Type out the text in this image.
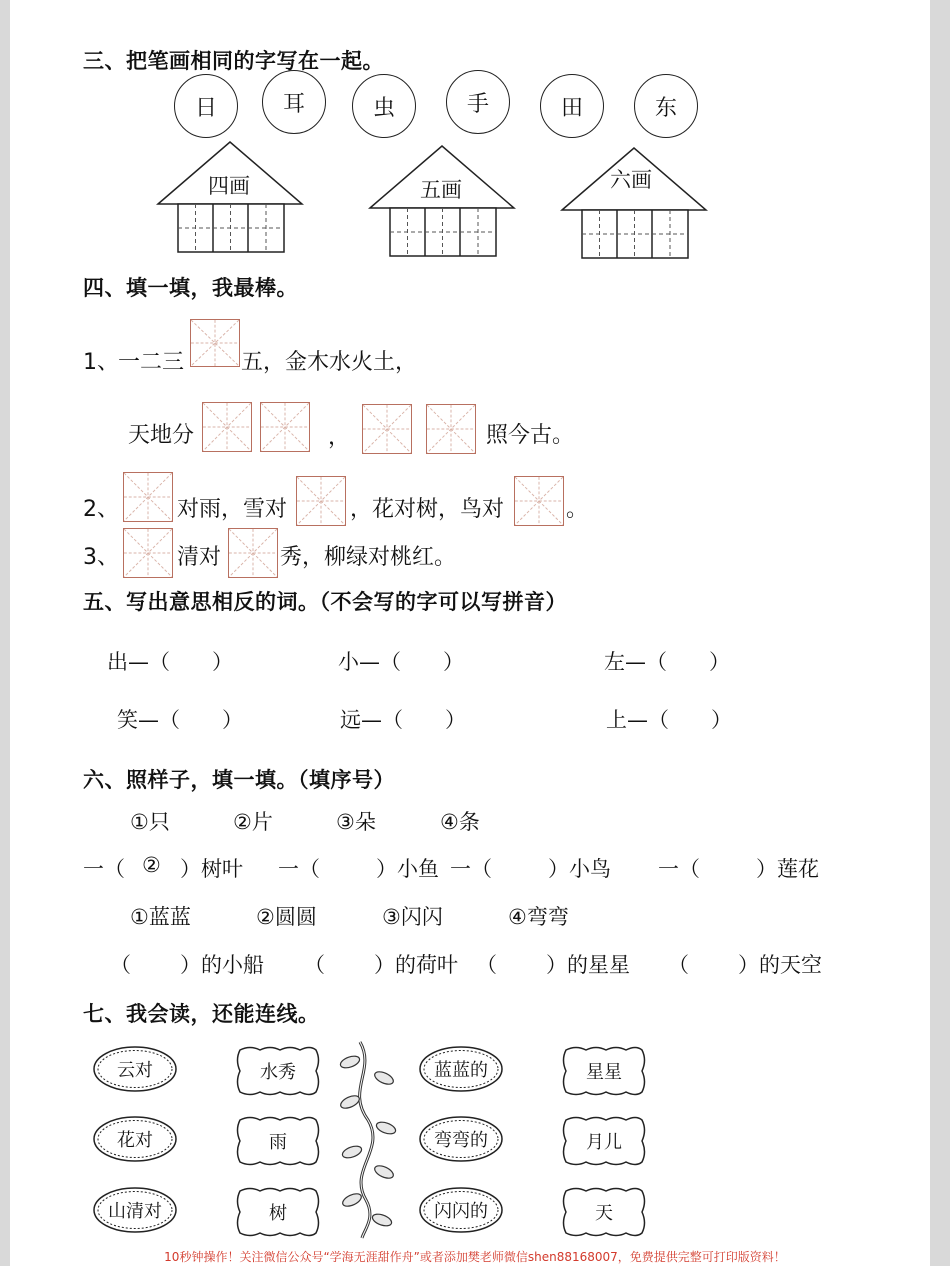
三、把笔画相同的字写在一起。
日	耳	虫	手	田	东
四画	五画	六画
四、填一填，我最棒。
1、 一二三	五，金木水火土，
天地分	，	照今古。
2、	对雨，雪对	，花对树，鸟对	。
3、	清对	秀，柳绿对桃红。
五、写出意思相反的词。（不会写的字可以写拼音）
出—（　　）	小—（　　）	左—（　　）
笑—（　　）	远—（　　）	上—（　　）
六、照样子，填一填。（填序号）
①只	②片	③朵	④条
一（ ② ）树叶 一（	）小鱼 一（	）小鸟 一（	）莲花
①蓝蓝	②圆圆	③闪闪	④弯弯
（ ）的小船 （ ）的荷叶 （ ）的星星 （ ）的天空
七、我会读，还能连线。
云对
花对
山清对
水秀
雨
树
蓝蓝的
弯弯的
闪闪的
星星
月儿
天
10秒钟操作！关注微信公众号“学海无涯甜作舟”或者添加樊老师微信shen88168007，免费提供完整可打印版资料！
